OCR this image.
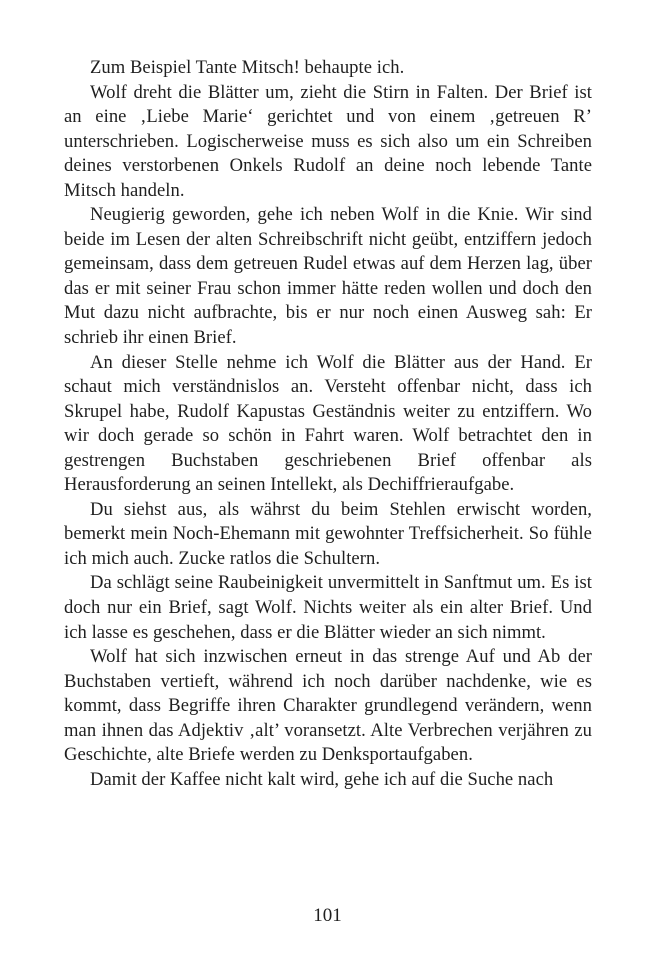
Zum Beispiel Tante Mitsch! behaupte ich.

Wolf dreht die Blätter um, zieht die Stirn in Falten. Der Brief ist an eine ‚Liebe Marie‘ gerichtet und von einem ‚getreuen R’ unterschrieben. Logischerweise muss es sich also um ein Schreiben deines verstorbenen Onkels Rudolf an deine noch lebende Tante Mitsch handeln.

Neugierig geworden, gehe ich neben Wolf in die Knie. Wir sind beide im Lesen der alten Schreibschrift nicht geübt, entziffern jedoch gemeinsam, dass dem getreuen Rudel etwas auf dem Herzen lag, über das er mit seiner Frau schon immer hätte reden wollen und doch den Mut dazu nicht aufbrachte, bis er nur noch einen Ausweg sah: Er schrieb ihr einen Brief.

An dieser Stelle nehme ich Wolf die Blätter aus der Hand. Er schaut mich verständnislos an. Versteht offenbar nicht, dass ich Skrupel habe, Rudolf Kapustas Geständnis weiter zu entziffern. Wo wir doch gerade so schön in Fahrt waren. Wolf betrachtet den in gestrengen Buchstaben geschriebenen Brief offenbar als Herausforderung an seinen Intellekt, als Dechiffrieraufgabe.

Du siehst aus, als währst du beim Stehlen erwischt worden, bemerkt mein Noch-Ehemann mit gewohnter Treffsicherheit. So fühle ich mich auch. Zucke ratlos die Schultern.

Da schlägt seine Raubeinigkeit unvermittelt in Sanftmut um. Es ist doch nur ein Brief, sagt Wolf. Nichts weiter als ein alter Brief. Und ich lasse es geschehen, dass er die Blätter wieder an sich nimmt.

Wolf hat sich inzwischen erneut in das strenge Auf und Ab der Buchstaben vertieft, während ich noch darüber nachdenke, wie es kommt, dass Begriffe ihren Charakter grundlegend verändern, wenn man ihnen das Adjektiv ‚alt’ voransetzt. Alte Verbrechen verjähren zu Geschichte, alte Briefe werden zu Denksportaufgaben.

Damit der Kaffee nicht kalt wird, gehe ich auf die Suche nach

101
